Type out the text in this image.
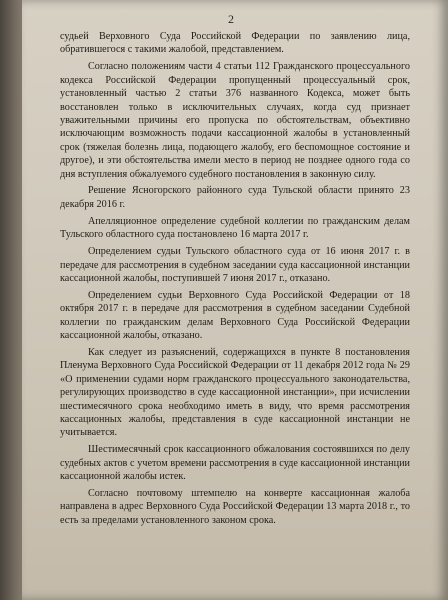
2

судьей Верховного Суда Российской Федерации по заявлению лица, обратившегося с такими жалобой, представлением.

Согласно положениям части 4 статьи 112 Гражданского процессуального кодекса Российской Федерации пропущенный процессуальный срок, установленный частью 2 статьи 376 названного Кодекса, может быть восстановлен только в исключительных случаях, когда суд признает уважительными причины его пропуска по обстоятельствам, объективно исключающим возможность подачи кассационной жалобы в установленный срок (тяжелая болезнь лица, подающего жалобу, его беспомощное состояние и другое), и эти обстоятельства имели место в период не позднее одного года со дня вступления обжалуемого судебного постановления в законную силу.

Решение Ясногорского районного суда Тульской области принято 23 декабря 2016 г.

Апелляционное определение судебной коллегии по гражданским делам Тульского областного суда постановлено 16 марта 2017 г.

Определением судьи Тульского областного суда от 16 июня 2017 г. в передаче для рассмотрения в судебном заседании суда кассационной инстанции кассационной жалобы, поступившей 7 июня 2017 г., отказано.

Определением судьи Верховного Суда Российской Федерации от 18 октября 2017 г. в передаче для рассмотрения в судебном заседании Судебной коллегии по гражданским делам Верховного Суда Российской Федерации кассационной жалобы, отказано.

Как следует из разъяснений, содержащихся в пункте 8 постановления Пленума Верховного Суда Российской Федерации от 11 декабря 2012 года № 29 «О применении судами норм гражданского процессуального законодательства, регулирующих производство в суде кассационной инстанции», при исчислении шестимесячного срока необходимо иметь в виду, что время рассмотрения кассационных жалобы, представления в суде кассационной инстанции не учитывается.

Шестимесячный срок кассационного обжалования состоявшихся по делу судебных актов с учетом времени рассмотрения в суде кассационной инстанции кассационной жалобы истек.

Согласно почтовому штемпелю на конверте кассационная жалоба направлена в адрес Верховного Суда Российской Федерации 13 марта 2018 г., то есть за пределами установленного законом срока.
